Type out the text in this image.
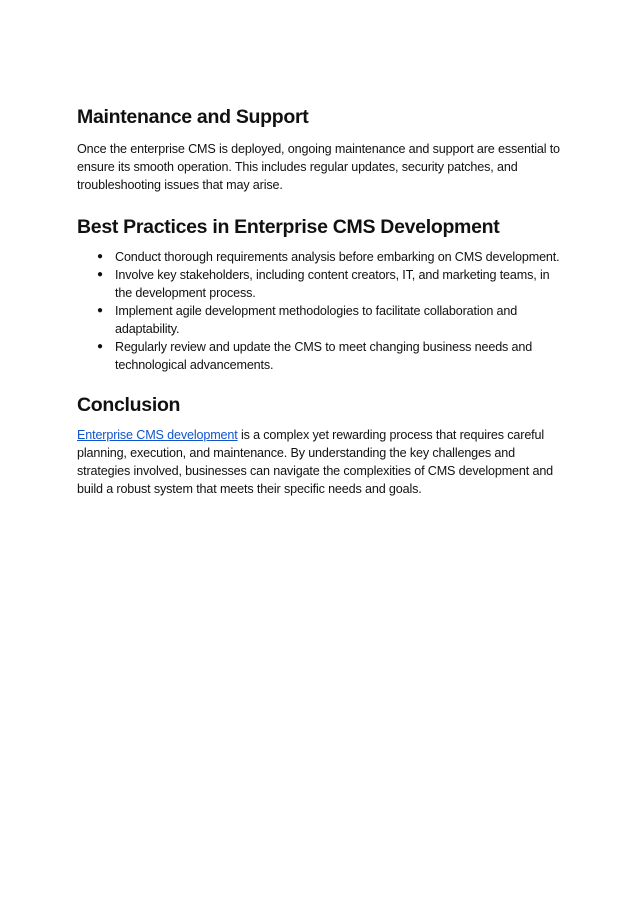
Maintenance and Support

Once the enterprise CMS is deployed, ongoing maintenance and support are essential to ensure its smooth operation. This includes regular updates, security patches, and troubleshooting issues that may arise.

Best Practices in Enterprise CMS Development
● Conduct thorough requirements analysis before embarking on CMS development.
● Involve key stakeholders, including content creators, IT, and marketing teams, in the development process.
● Implement agile development methodologies to facilitate collaboration and adaptability.
● Regularly review and update the CMS to meet changing business needs and technological advancements.
Conclusion

Enterprise CMS development is a complex yet rewarding process that requires careful planning, execution, and maintenance. By understanding the key challenges and strategies involved, businesses can navigate the complexities of CMS development and build a robust system that meets their specific needs and goals.
